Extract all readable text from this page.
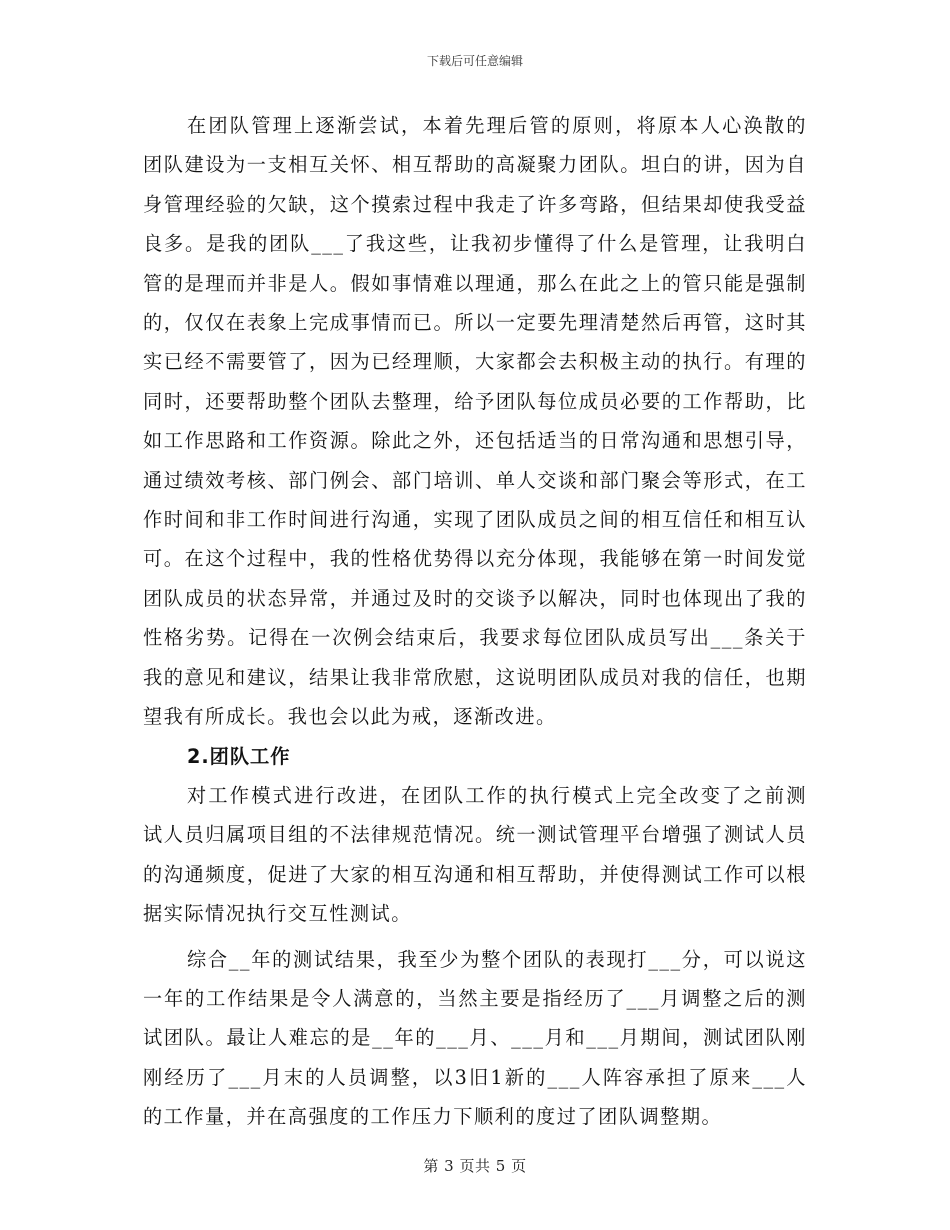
下载后可任意编辑

在团队管理上逐渐尝试，本着先理后管的原则，将原本人心涣散的团队建设为一支相互关怀、相互帮助的高凝聚力团队。坦白的讲，因为自身管理经验的欠缺，这个摸索过程中我走了许多弯路，但结果却使我受益良多。是我的团队___了我这些，让我初步懂得了什么是管理，让我明白管的是理而并非是人。假如事情难以理通，那么在此之上的管只能是强制的，仅仅在表象上完成事情而已。所以一定要先理清楚然后再管，这时其实已经不需要管了，因为已经理顺，大家都会去积极主动的执行。有理的同时，还要帮助整个团队去整理，给予团队每位成员必要的工作帮助，比如工作思路和工作资源。除此之外，还包括适当的日常沟通和思想引导，通过绩效考核、部门例会、部门培训、单人交谈和部门聚会等形式，在工作时间和非工作时间进行沟通，实现了团队成员之间的相互信任和相互认可。在这个过程中，我的性格优势得以充分体现，我能够在第一时间发觉团队成员的状态异常，并通过及时的交谈予以解决，同时也体现出了我的性格劣势。记得在一次例会结束后，我要求每位团队成员写出___条关于我的意见和建议，结果让我非常欣慰，这说明团队成员对我的信任，也期望我有所成长。我也会以此为戒，逐渐改进。

2.团队工作

对工作模式进行改进，在团队工作的执行模式上完全改变了之前测试人员归属项目组的不法律规范情况。统一测试管理平台增强了测试人员的沟通频度，促进了大家的相互沟通和相互帮助，并使得测试工作可以根据实际情况执行交互性测试。

综合__年的测试结果，我至少为整个团队的表现打___分，可以说这一年的工作结果是令人满意的，当然主要是指经历了___月调整之后的测试团队。最让人难忘的是__年的___月、___月和___月期间，测试团队刚刚经历了___月末的人员调整，以3旧1新的___人阵容承担了原来___人的工作量，并在高强度的工作压力下顺利的度过了团队调整期。

第 3 页共 5 页
